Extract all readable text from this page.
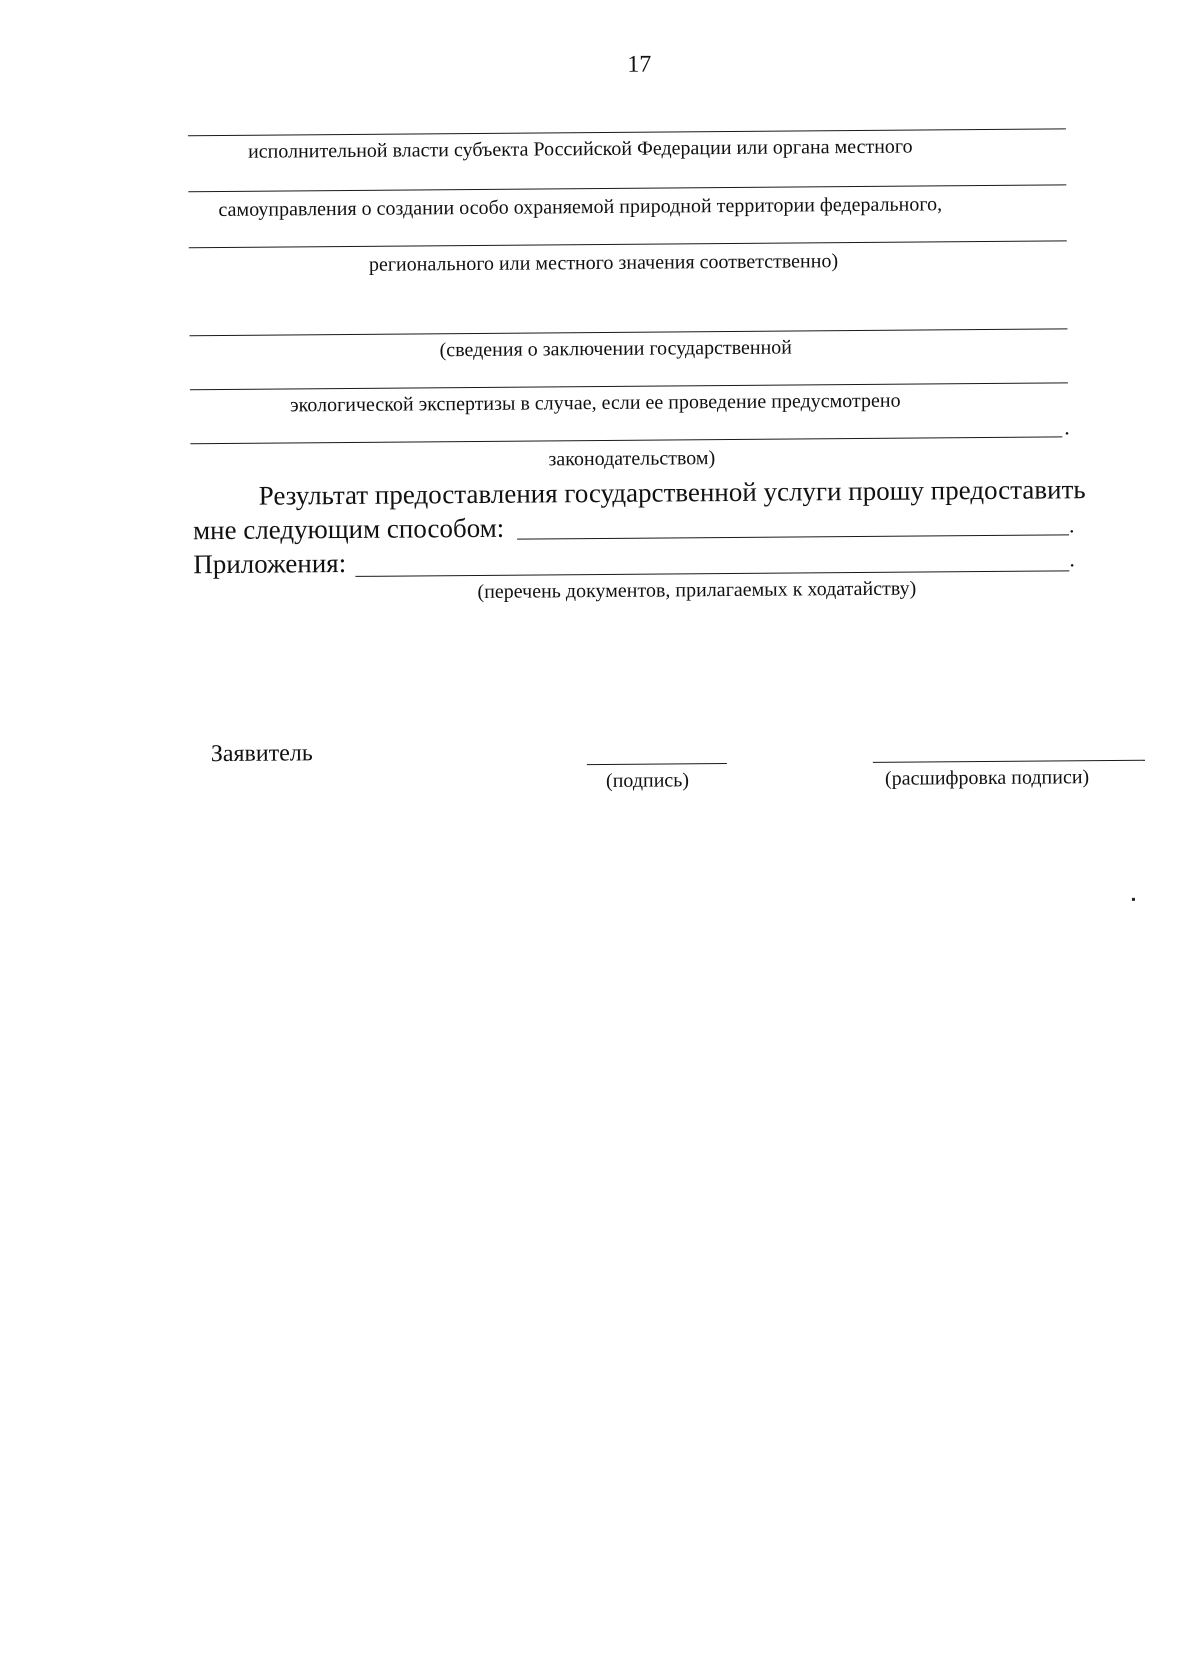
17
исполнительной власти субъекта Российской Федерации или органа местного
самоуправления о создании особо охраняемой природной территории федерального,
регионального или местного значения соответственно)
(сведения о заключении государственной
экологической экспертизы в случае, если ее проведение предусмотрено
.
законодательством)
Результат предоставления государственной услуги прошу предоставить
мне следующим способом:	.
Приложения:	.
(перечень документов, прилагаемых к ходатайству)
Заявитель
(подпись)	(расшифровка подписи)
